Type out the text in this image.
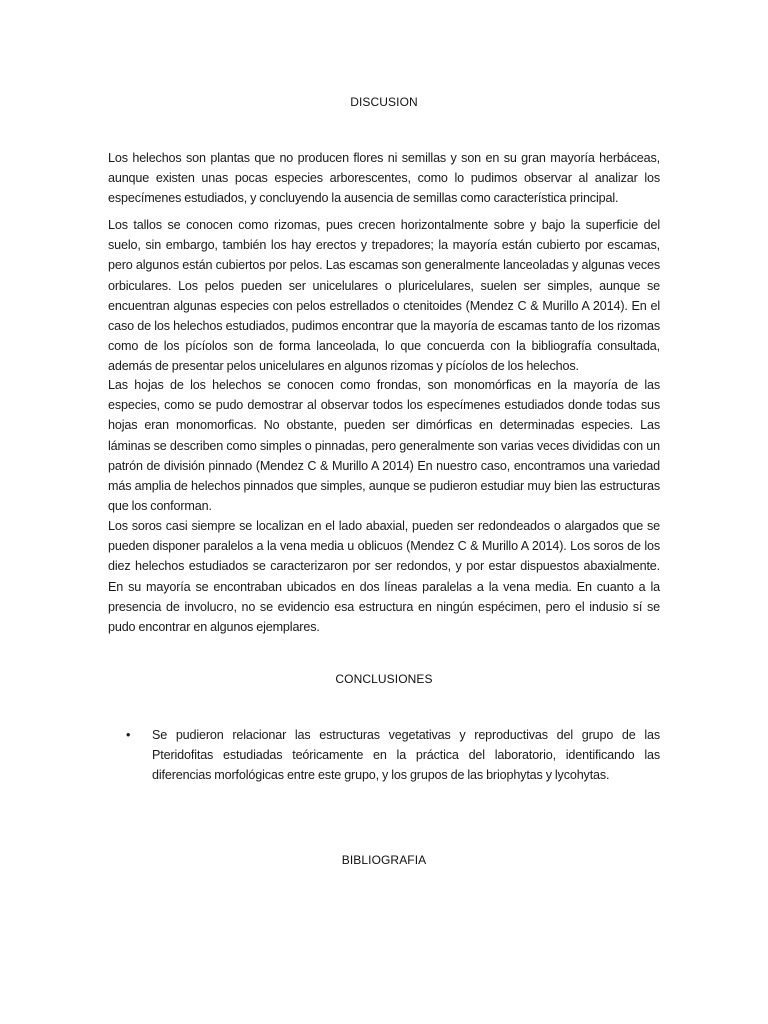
DISCUSION

Los helechos son plantas que no producen flores ni semillas y son en su gran mayoría herbáceas, aunque existen unas pocas especies arborescentes, como lo pudimos observar al analizar los especímenes estudiados, y concluyendo la ausencia de semillas como característica principal.

Los tallos se conocen como rizomas, pues crecen horizontalmente sobre y bajo la superficie del suelo, sin embargo, también los hay erectos y trepadores; la mayoría están cubierto por escamas, pero algunos están cubiertos por pelos. Las escamas son generalmente lanceoladas y algunas veces orbiculares. Los pelos pueden ser unicelulares o pluricelulares, suelen ser simples, aunque se encuentran algunas especies con pelos estrellados o ctenitoides (Mendez C & Murillo A 2014). En el caso de los helechos estudiados, pudimos encontrar que la mayoría de escamas tanto de los rizomas como de los pícíolos son de forma lanceolada, lo que concuerda con la bibliografía consultada, además de presentar pelos unicelulares en algunos rizomas y pícíolos de los helechos.

Las hojas de los helechos se conocen como frondas, son monomórficas en la mayoría de las especies, como se pudo demostrar al observar todos los especímenes estudiados donde todas sus hojas eran monomorficas. No obstante, pueden ser dimórficas en determinadas especies. Las láminas se describen como simples o pinnadas, pero generalmente son varias veces divididas con un patrón de división pinnado (Mendez C & Murillo A 2014) En nuestro caso, encontramos una variedad más amplia de helechos pinnados que simples, aunque se pudieron estudiar muy bien las estructuras que los conforman.

Los soros casi siempre se localizan en el lado abaxial, pueden ser redondeados o alargados que se pueden disponer paralelos a la vena media u oblicuos (Mendez C & Murillo A 2014). Los soros de los diez helechos estudiados se caracterizaron por ser redondos, y por estar dispuestos abaxialmente. En su mayoría se encontraban ubicados en dos líneas paralelas a la vena media. En cuanto a la presencia de involucro, no se evidencio esa estructura en ningún espécimen, pero el indusio sí se pudo encontrar en algunos ejemplares.

CONCLUSIONES
•	Se pudieron relacionar las estructuras vegetativas y reproductivas del grupo de las Pteridofitas estudiadas teóricamente en la práctica del laboratorio, identificando las diferencias morfológicas entre este grupo, y los grupos de las briophytas y lycohytas.
BIBLIOGRAFIA
